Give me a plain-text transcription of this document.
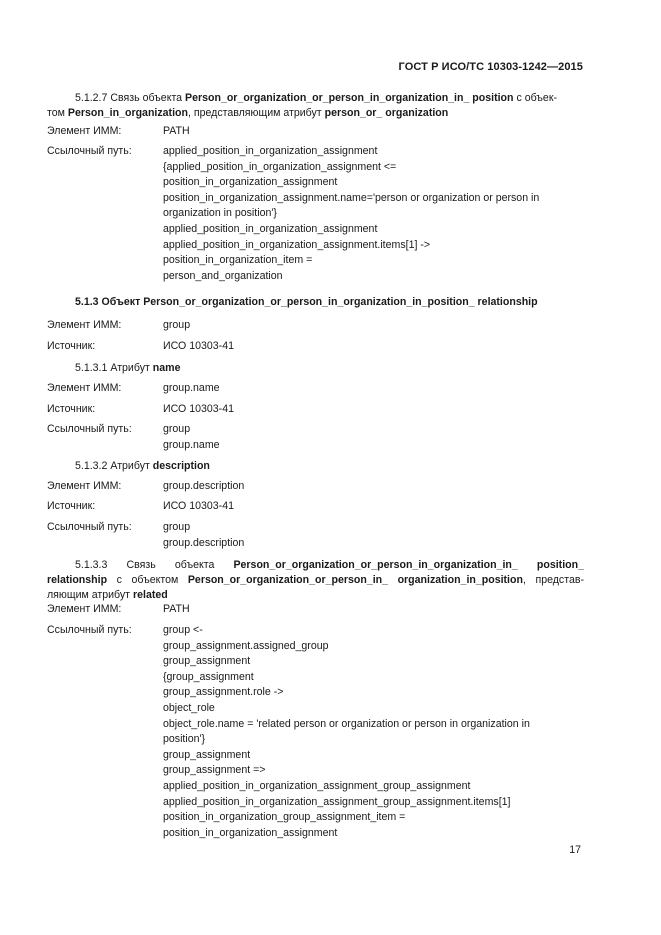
ГОСТ Р ИСО/ТС 10303-1242—2015
5.1.2.7 Связь объекта Person_or_organization_or_person_in_organization_in_ position с объек-
том Person_in_organization, представляющим атрибут person_or_ organization
Элемент ИММ:	PATH
Ссылочный путь:	applied_position_in_organization_assignment
{applied_position_in_organization_assignment <=
position_in_organization_assignment
position_in_organization_assignment.name='person or organization or person in
organization in position'}
applied_position_in_organization_assignment
applied_position_in_organization_assignment.items[1] ->
position_in_organization_item =
person_and_organization
5.1.3 Объект Person_or_organization_or_person_in_organization_in_position_ relationship
Элемент ИММ:	group
Источник:	ИСО 10303-41
5.1.3.1 Атрибут name
Элемент ИММ:	group.name
Источник:	ИСО 10303-41
Ссылочный путь:	group
group.name
5.1.3.2 Атрибут description
Элемент ИММ:	group.description
Источник:	ИСО 10303-41
Ссылочный путь:	group
group.description
5.1.3.3 Связь объекта Person_or_organization_or_person_in_organization_in_ position_
relationship с объектом Person_or_organization_or_person_in_ organization_in_position, представ-
ляющим атрибут related
Элемент ИММ:	PATH
Ссылочный путь:	group <-
group_assignment.assigned_group
group_assignment
{group_assignment
group_assignment.role ->
object_role
object_role.name = 'related person or organization or person in organization in
position'}
group_assignment
group_assignment =>
applied_position_in_organization_assignment_group_assignment
applied_position_in_organization_assignment_group_assignment.items[1]
position_in_organization_group_assignment_item =
position_in_organization_assignment
17
